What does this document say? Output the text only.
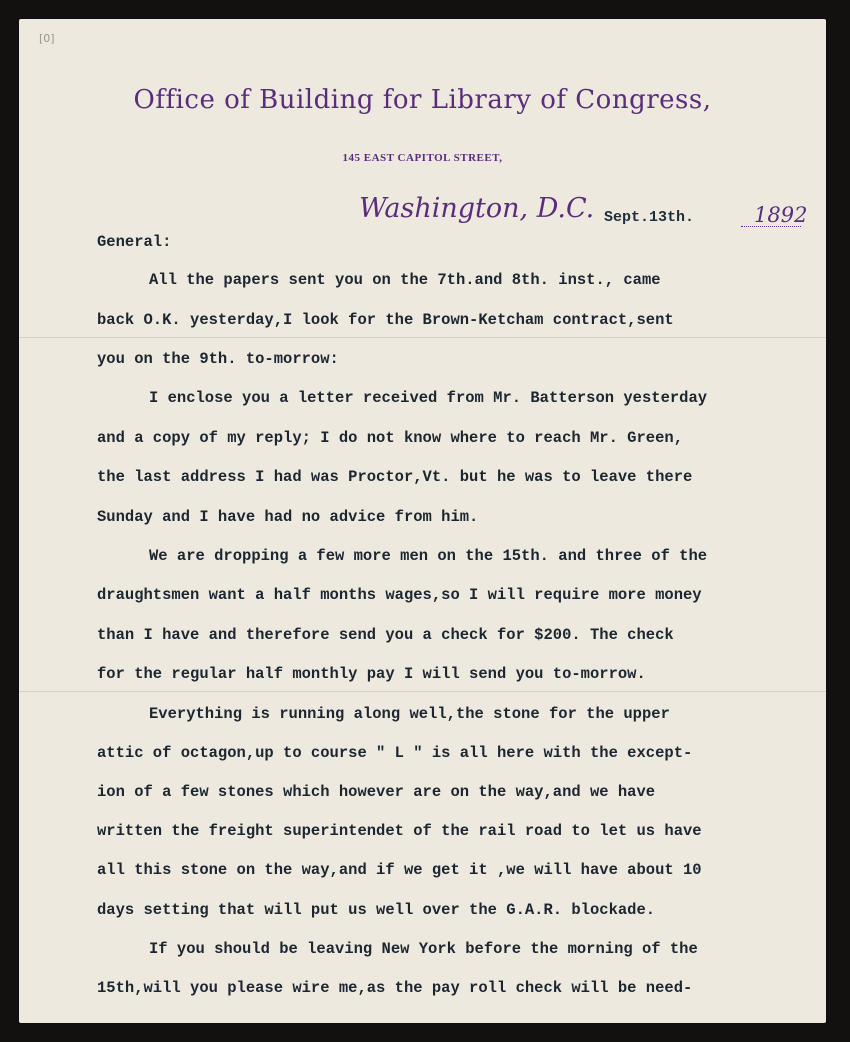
[0]
Office of Building for Library of Congress,
145 EAST CAPITOL STREET,
Washington, D.C. Sept.13th.	1892
General:
All the papers sent you on the 7th.and 8th. inst., came
back O.K. yesterday,I look for the Brown-Ketcham contract,sent
you on the 9th. to-morrow:
I enclose you a letter received from Mr. Batterson yesterday
and a copy of my reply; I do not know where to reach Mr. Green,
the last address I had was Proctor,Vt. but he was to leave there
Sunday and I have had no advice from him.
We are dropping a few more men on the 15th. and three of the
draughtsmen want a half months wages,so I will require more money
than I have and therefore send you a check for $200. The check
for the regular half monthly pay I will send you to-morrow.
Everything is running along well,the stone for the upper
attic of octagon,up to course " L " is all here with the except-
ion of a few stones which however are on the way,and we have
written the freight superintendet of the rail road to let us have
all this stone on the way,and if we get it ,we will have about 10
days setting that will put us well over the G.A.R. blockade.
If you should be leaving New York before the morning of the
15th,will you please wire me,as the pay roll check will be need-
